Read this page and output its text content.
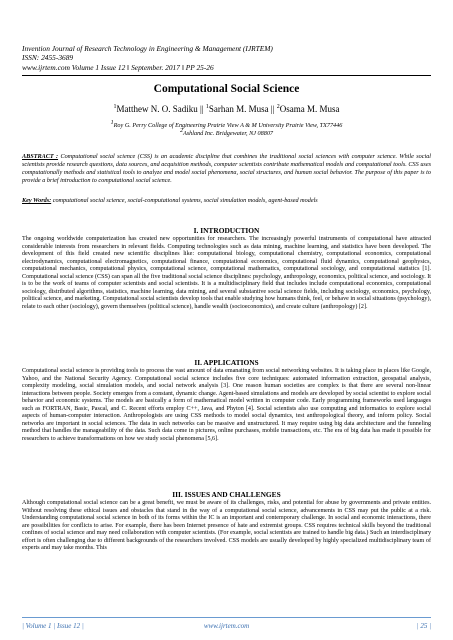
Invention Journal of Research Technology in Engineering & Management (IJRTEM)
ISSN: 2455-3689
www.ijrtem.com Volume 1 Issue 12 ǁ September. 2017 ǁ PP 25-26
Computational Social Science
$^1$Matthew N. O. Sadiku || $^1$Sarhan M. Musa || $^2$Osama M. Musa
$^1$Roy G. Perry College of Engineering Prairie View A & M University Prairie View, TX77446
$^2$Ashland Inc. Bridgewater, NJ 08807
ABSTRACT : Computational social science (CSS) is an academic discipline that combines the traditional social sciences with computer science. While social scientists provide research questions, data sources, and acquisition methods, computer scientists contribute mathematical models and computational tools. CSS uses computationally methods and statistical tools to analyze and model social phenomena, social structures, and human social behavior. The purpose of this paper is to provide a brief introduction to computational social science.
Key Words: computational social science, social-computational systems, social simulation models, agent-based models
I. INTRODUCTION
The ongoing worldwide computerization has created new opportunities for researchers. The increasingly powerful instruments of computational have attracted considerable interests from researchers in relevant fields. Computing technologies such as data mining, machine learning, and statistics have been developed. The development of this field created new scientific disciplines like: computational biology, computational chemistry, computational economics, computational electrodynamics, computational electromagnetics, computational finance, computational economics, computational fluid dynamics, computational geophysics, computational mechanics, computational physics, computational science, computational mathematics, computational sociology, and computational statistics [1]. Computational social science (CSS) can span all the five traditional social science disciplines: psychology, anthropology, economics, political science, and sociology. It is to be the work of teams of computer scientists and social scientists. It is a multidisciplinary field that includes include computational economics, computational sociology, distributed algorithms, statistics, machine learning, data mining, and several substantive social science fields, including sociology, economics, psychology, political science, and marketing. Computational social scientists develop tools that enable studying how humans think, feel, or behave in social situations (psychology), relate to each other (sociology), govern themselves (political science), handle wealth (socioeconomics), and create culture (anthropology) [2].
II. APPLICATIONS
Computational social science is providing tools to process the vast amount of data emanating from social networking websites. It is taking place in places like Google, Yahoo, and the National Security Agency. Computational social science includes five core techniques: automated information extraction, geospatial analysis, complexity modeling, social simulation models, and social network analysis [3]. One reason human societies are complex is that there are several non-linear interactions between people. Society emerges from a constant, dynamic change. Agent-based simulations and models are developed by social scientist to explore social behavior and economic systems. The models are basically a form of mathematical model written in computer code. Early programming frameworks used languages such as FORTRAN, Basic, Pascal, and C. Recent efforts employ C++, Java, and Phyton [4]. Social scientists also use computing and informatics to explore social aspects of human-computer interaction. Anthropologists are using CSS methods to model social dynamics, test anthropological theory, and inform policy. Social networks are important in social sciences. The data in such networks can be massive and unstructured. It may require using big data architecture and the funneling method that handles the manageability of the data. Such data come in pictures, online purchases, mobile transactions, etc. The era of big data has made it possible for researchers to achieve transformations on how we study social phenomena [5,6].
III. ISSUES AND CHALLENGES
Although computational social science can be a great benefit, we must be aware of its challenges, risks, and potential for abuse by governments and private entities. Without resolving these ethical issues and obstacles that stand in the way of a computational social science, advancements in CSS may put the public at a risk. Understanding computational social science in both of its forms within the IC is an important and contemporary challenge. In social and economic interactions, there are possibilities for conflicts to arise. For example, there has been Internet presence of hate and extremist groups. CSS requires technical skills beyond the traditional confines of social science and may need collaboration with computer scientists. (For example, social scientists are trained to handle big data.) Such an interdisciplinary effort is often challenging due to different backgrounds of the researchers involved. CSS models are usually developed by highly specialized multidisciplinary team of experts and may take months. This
| Volume 1 | Issue 12 |	www.ijrtem.com	| 25 |
